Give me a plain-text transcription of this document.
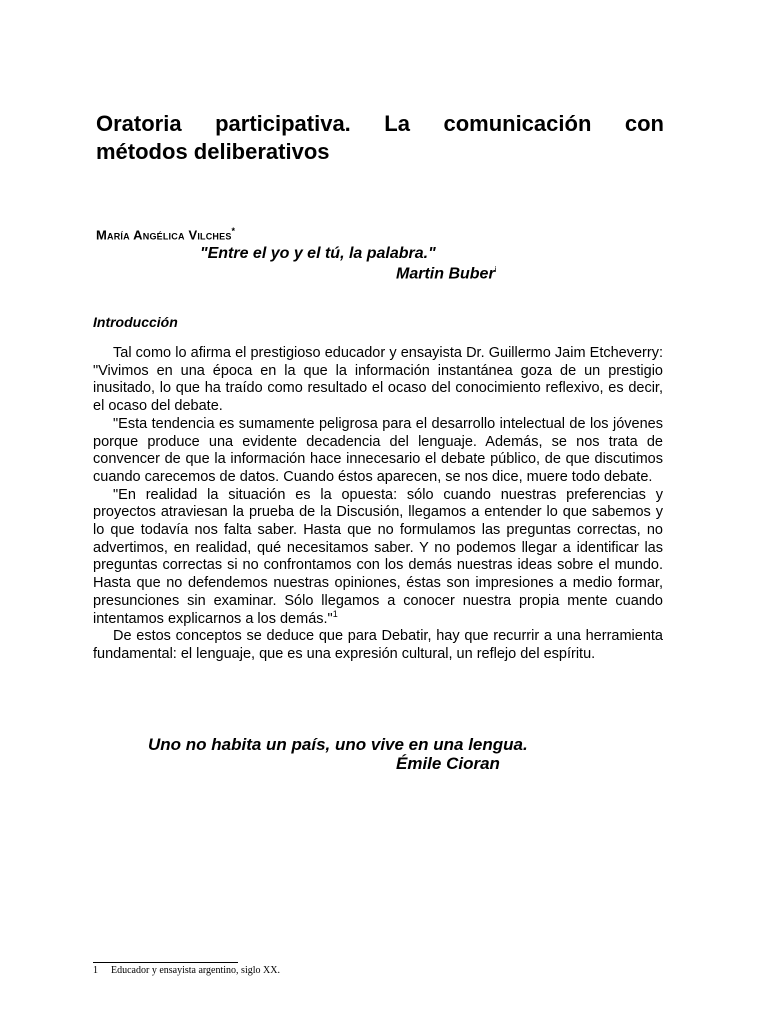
Oratoria participativa. La comunicación con
métodos deliberativos
María Angélica Vilches*
"Entre el yo y el tú, la palabra."
Martin Buber$^i$
Introducción

Tal como lo afirma el prestigioso educador y ensayista Dr. Guillermo Jaim Etcheverry: "Vivimos en una época en la que la información instantánea goza de un prestigio inusitado, lo que ha traído como resultado el ocaso del conocimiento reflexivo, es decir, el ocaso del debate.

"Esta tendencia es sumamente peligrosa para el desarrollo intelectual de los jóvenes porque produce una evidente decadencia del lenguaje. Además, se nos trata de convencer de que la información hace innecesario el debate público, de que discutimos cuando carecemos de datos. Cuando éstos aparecen, se nos dice, muere todo debate.

"En realidad la situación es la opuesta: sólo cuando nuestras preferencias y proyectos atraviesan la prueba de la Discusión, llegamos a entender lo que sabemos y lo que todavía nos falta saber. Hasta que no formulamos las preguntas correctas, no advertimos, en realidad, qué necesitamos saber. Y no podemos llegar a identificar las preguntas correctas si no confrontamos con los demás nuestras ideas sobre el mundo. Hasta que no defendemos nuestras opiniones, éstas son impresiones a medio formar, presunciones sin examinar. Sólo llegamos a conocer nuestra propia mente cuando intentamos explicarnos a los demás."$^1$

De estos conceptos se deduce que para Debatir, hay que recurrir a una herramienta fundamental: el lenguaje, que es una expresión cultural, un reflejo del espíritu.

Uno no habita un país, uno vive en una lengua.
Émile Cioran
1 Educador y ensayista argentino, siglo XX.
